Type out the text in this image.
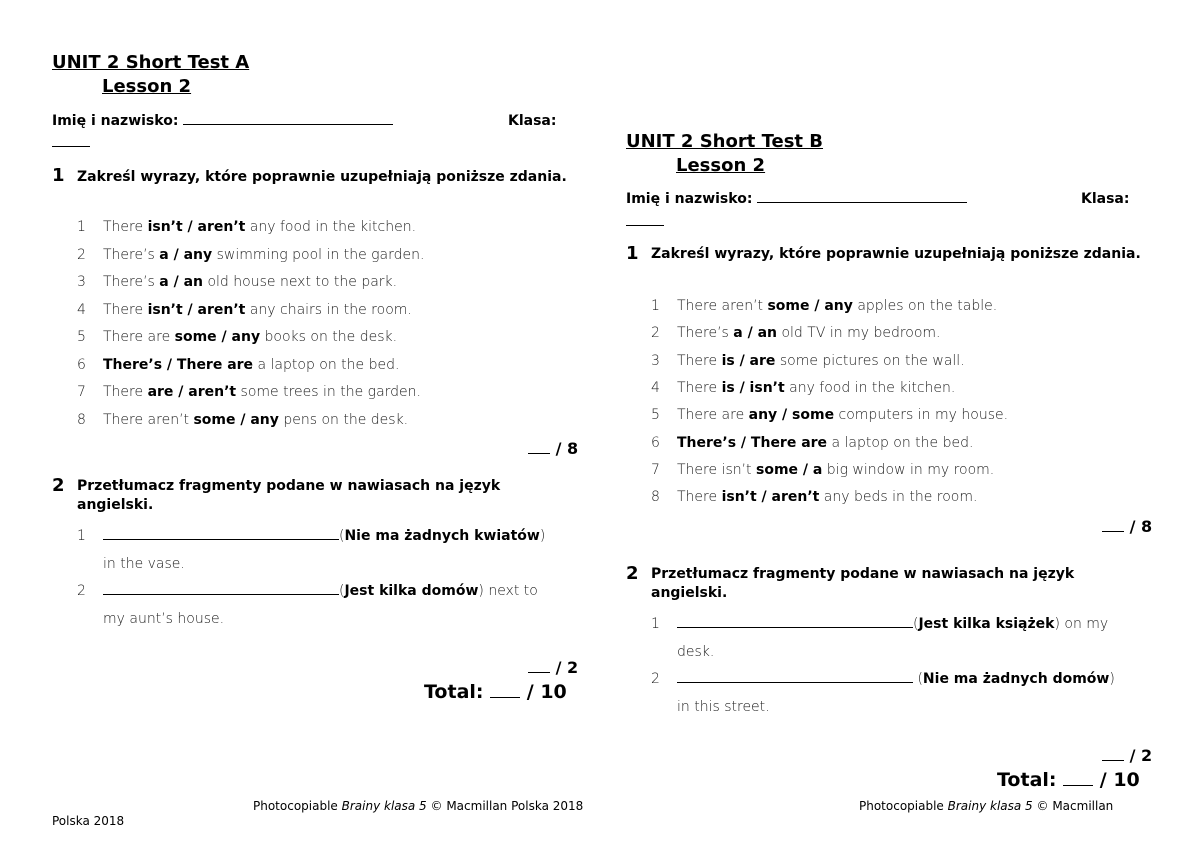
UNIT 2 Short Test A
Lesson 2
Imię i nazwisko:	Klasa:
1 Zakreśl wyrazy, które poprawnie uzupełniają poniższe zdania.
1 There isn’t / aren’t any food in the kitchen.
2 There’s a / any swimming pool in the garden.
3 There’s a / an old house next to the park.
4 There isn’t / aren’t any chairs in the room.
5 There are some / any books on the desk.
6 There’s / There are a laptop on the bed.
7 There are / aren’t some trees in the garden.
8 There aren’t some / any pens on the desk.
/ 8
2 Przetłumacz fragmenty podane w nawiasach na język angielski.
1	(Nie ma żadnych kwiatów)
in the vase.
2	(Jest kilka domów) next to
my aunt’s house.
/ 2
Total: / 10
UNIT 2 Short Test B
Lesson 2
Imię i nazwisko:	Klasa:
1 Zakreśl wyrazy, które poprawnie uzupełniają poniższe zdania.
1 There aren’t some / any apples on the table.
2 There’s a / an old TV in my bedroom.
3 There is / are some pictures on the wall.
4 There is / isn’t any food in the kitchen.
5 There are any / some computers in my house.
6 There’s / There are a laptop on the bed.
7 There isn’t some / a big window in my room.
8 There isn’t / aren’t any beds in the room.
/ 8
2 Przetłumacz fragmenty podane w nawiasach na język angielski.
1	(Jest kilka książek) on my
desk.
2	(Nie ma żadnych domów)
in this street.
/ 2
Total: / 10
Photocopiable Brainy klasa 5 © Macmillan Polska 2018	Photocopiable Brainy klasa 5 © Macmillan
Polska 2018
